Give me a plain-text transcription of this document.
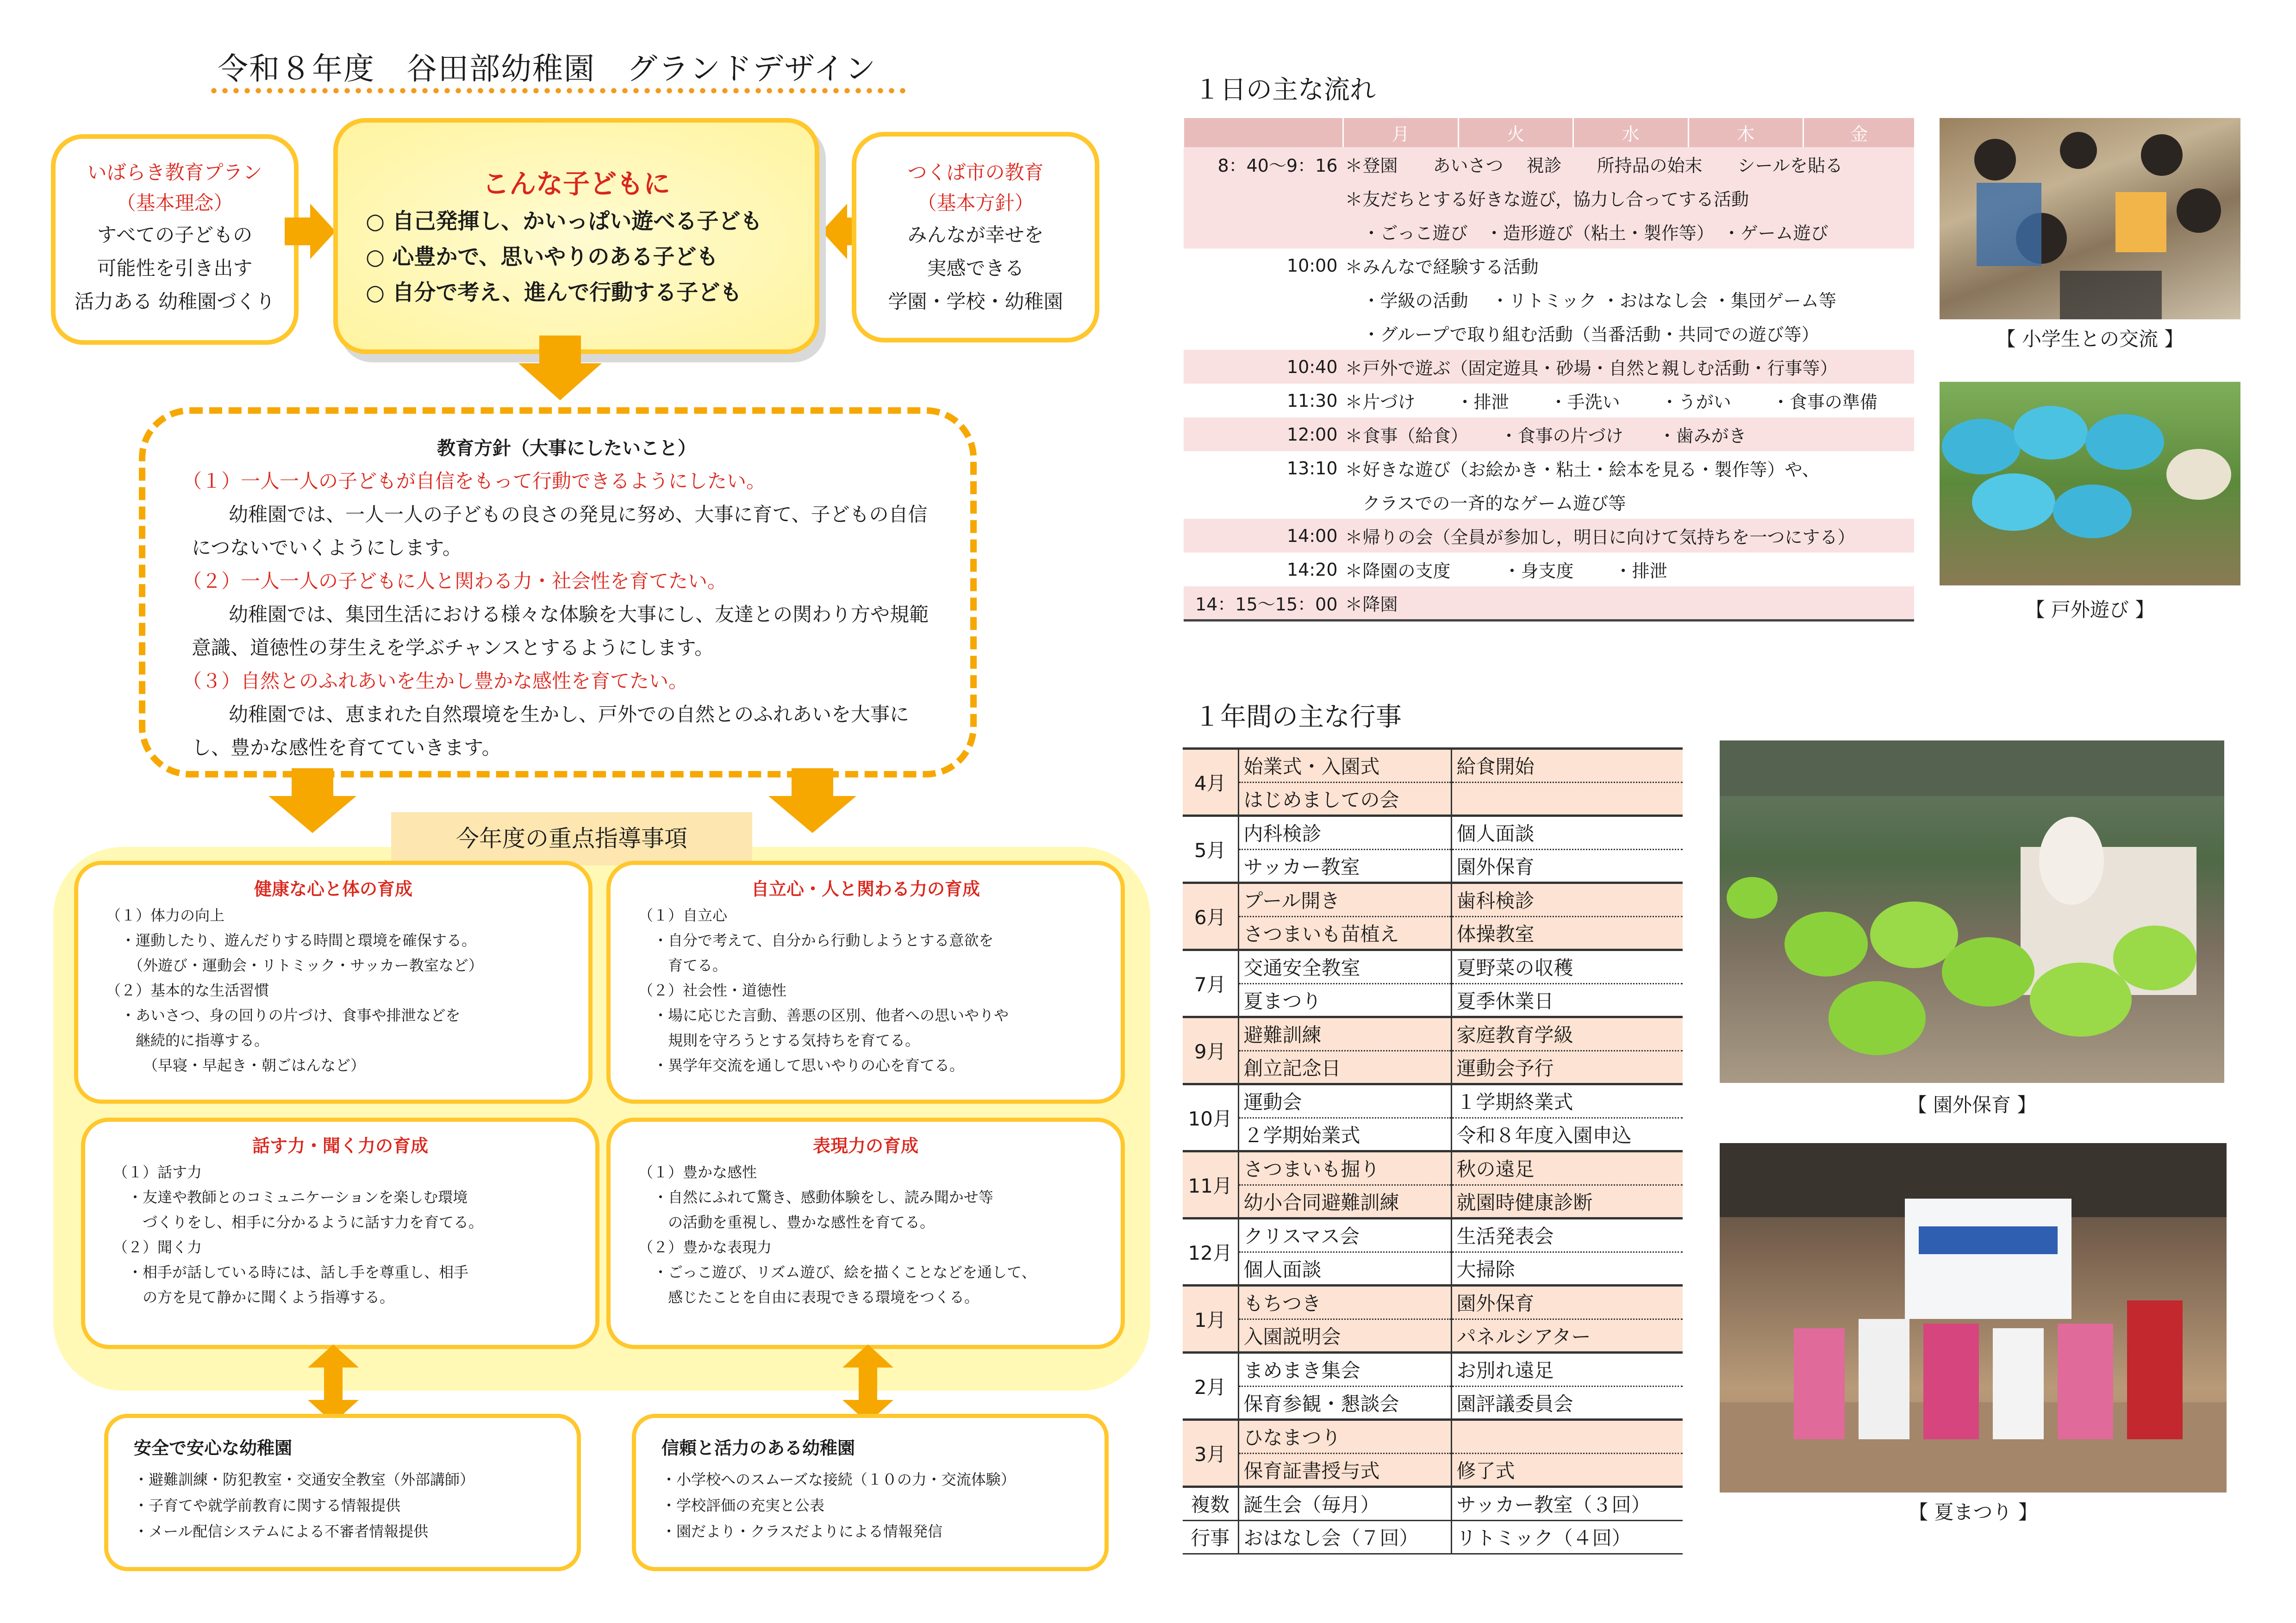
令和８年度　谷田部幼稚園　グランドデザイン
いばらき教育プラン
（基本理念）
すべての子どもの
可能性を引き出す
活力ある 幼稚園づくり
こんな子どもに
○ 自己発揮し、かいっぱい遊べる子ども
○ 心豊かで、思いやりのある子ども
○ 自分で考え、進んで行動する子ども
つくば市の教育
（基本方針）
みんなが幸せを
実感できる
学園・学校・幼稚園
教育方針（大事にしたいこと）
（１）一人一人の子どもが自信をもって行動できるようにしたい。
幼稚園では、一人一人の子どもの良さの発見に努め、大事に育て、子どもの自信につないでいくようにします。
（２）一人一人の子どもに人と関わる力・社会性を育てたい。
幼稚園では、集団生活における様々な体験を大事にし、友達との関わり方や規範意識、道徳性の芽生えを学ぶチャンスとするようにします。
（３）自然とのふれあいを生かし豊かな感性を育てたい。
幼稚園では、恵まれた自然環境を生かし、戸外での自然とのふれあいを大事にし、豊かな感性を育てていきます。
今年度の重点指導事項
健康な心と体の育成
（１）体力の向上
　・運動したり、遊んだりする時間と環境を確保する。
　　（外遊び・運動会・リトミック・サッカー教室など）
（２）基本的な生活習慣
　・あいさつ、身の回りの片づけ、食事や排泄などを
　　継続的に指導する。
　　　（早寝・早起き・朝ごはんなど）
自立心・人と関わる力の育成
（１）自立心
　・自分で考えて、自分から行動しようとする意欲を
　　育てる。
（２）社会性・道徳性
　・場に応じた言動、善悪の区別、他者への思いやりや
　　規則を守ろうとする気持ちを育てる。
　・異学年交流を通して思いやりの心を育てる。
話す力・聞く力の育成
（１）話す力
　・友達や教師とのコミュニケーションを楽しむ環境
　　づくりをし、相手に分かるように話す力を育てる。
（２）聞く力
　・相手が話している時には、話し手を尊重し、相手
　　の方を見て静かに聞くよう指導する。
表現力の育成
（１）豊かな感性
　・自然にふれて驚き、感動体験をし、読み聞かせ等
　　の活動を重視し、豊かな感性を育てる。
（２）豊かな表現力
　・ごっこ遊び、リズム遊び、絵を描くことなどを通して、
　　感じたことを自由に表現できる環境をつくる。
安全で安心な幼稚園
・避難訓練・防犯教室・交通安全教室（外部講師）
・子育てや就学前教育に関する情報提供
・メール配信システムによる不審者情報提供
信頼と活力のある幼稚園
・小学校へのスムーズな接続（１０の力・交流体験）
・学校評価の充実と公表
・園だより・クラスだよりによる情報発信
１日の主な流れ
	月	火	水	木	金
8：40～9：16	＊登園　　あいさつ　 視診　　所持品の始末　　シールを貼る				
	＊友だちとする好きな遊び，協力し合ってする活動				
	　・ごっこ遊び　・造形遊び（粘土・製作等）　・ゲーム遊び				
10:00	＊みんなで経験する活動				
	　・学級の活動　 ・リトミック ・おはなし会 ・集団ゲーム等				
	　・グループで取り組む活動（当番活動・共同での遊び等）				
10:40	＊戸外で遊ぶ（固定遊具・砂場・自然と親しむ活動・行事等）				
11:30	＊片づけ　　 ・排泄　　 ・手洗い　　 ・うがい　　 ・食事の準備				
12:00	＊食事（給食）　　 ・食事の片づけ　　・歯みがき				
13:10	＊好きな遊び（お絵かき・粘土・絵本を見る・製作等）や、				
	　クラスでの一斉的なゲーム遊び等				
14:00	＊帰りの会（全員が参加し，明日に向けて気持ちを一つにする）				
14:20	＊降園の支度　　　・身支度　　 ・排泄				
14：15～15：00	＊降園				
１年間の主な行事
4月	始業式・入園式	給食開始
	はじめましての会	
5月	内科検診	個人面談
	サッカー教室	園外保育
6月	プール開き	歯科検診
	さつまいも苗植え	体操教室
7月	交通安全教室	夏野菜の収穫
	夏まつり	夏季休業日
9月	避難訓練	家庭教育学級
	創立記念日	運動会予行
10月	運動会	１学期終業式
	２学期始業式	令和８年度入園申込
11月	さつまいも掘り	秋の遠足
	幼小合同避難訓練	就園時健康診断
12月	クリスマス会	生活発表会
	個人面談	大掃除
1月	もちつき	園外保育
	入園説明会	パネルシアター
2月	まめまき集会	お別れ遠足
	保育参観・懇談会	園評議委員会
3月	ひなまつり	
	保育証書授与式	修了式
複数	誕生会（毎月）	サッカー教室（３回）
行事	おはなし会（７回）	リトミック（４回）
【 小学生との交流 】
【 戸外遊び 】
【 園外保育 】
【 夏まつり 】
